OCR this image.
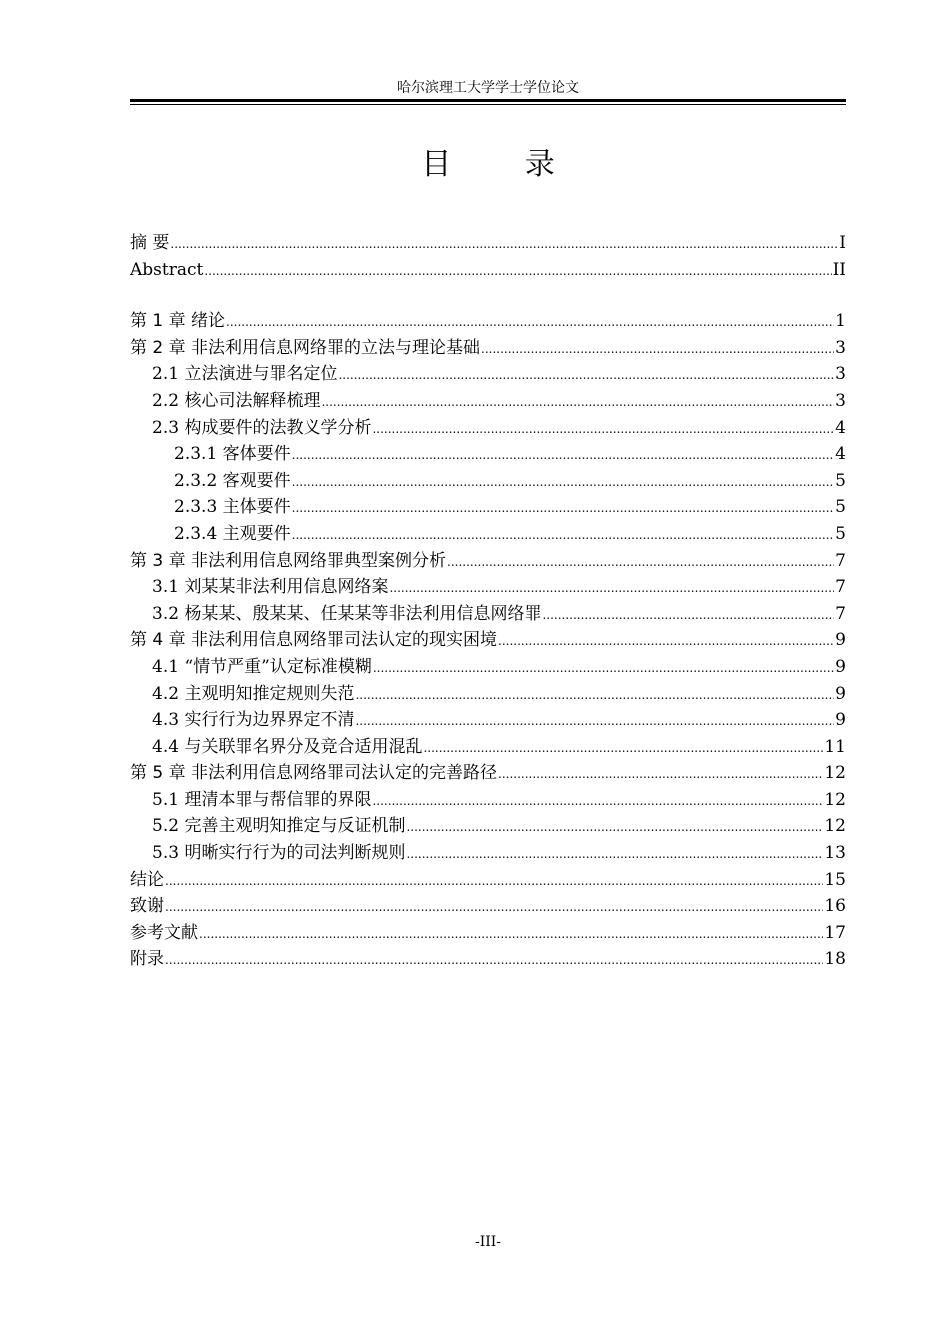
哈尔滨理工大学学士学位论文
目 录
摘 要 .....	I
Abstract .....	II
第 1 章 绪论 .....	1
第 2 章 非法利用信息网络罪的立法与理论基础 .....	3
2.1 立法演进与罪名定位 .....	3
2.2 核心司法解释梳理 .....	3
2.3 构成要件的法教义学分析 .....	4
2.3.1 客体要件 .....	4
2.3.2 客观要件 .....	5
2.3.3 主体要件 .....	5
2.3.4 主观要件 .....	5
第 3 章 非法利用信息网络罪典型案例分析 .....	7
3.1 刘某某非法利用信息网络案 .....	7
3.2 杨某某、殷某某、任某某等非法利用信息网络罪 .....	7
第 4 章 非法利用信息网络罪司法认定的现实困境 .....	9
4.1 “情节严重”认定标准模糊 .....	9
4.2 主观明知推定规则失范 .....	9
4.3 实行行为边界界定不清 .....	9
4.4 与关联罪名界分及竞合适用混乱 .....	11
第 5 章 非法利用信息网络罪司法认定的完善路径 .....	12
5.1 理清本罪与帮信罪的界限 .....	12
5.2 完善主观明知推定与反证机制 .....	12
5.3 明晰实行行为的司法判断规则 .....	13
结论 .....	15
致谢 .....	16
参考文献 .....	17
附录 .....	18
-III-
